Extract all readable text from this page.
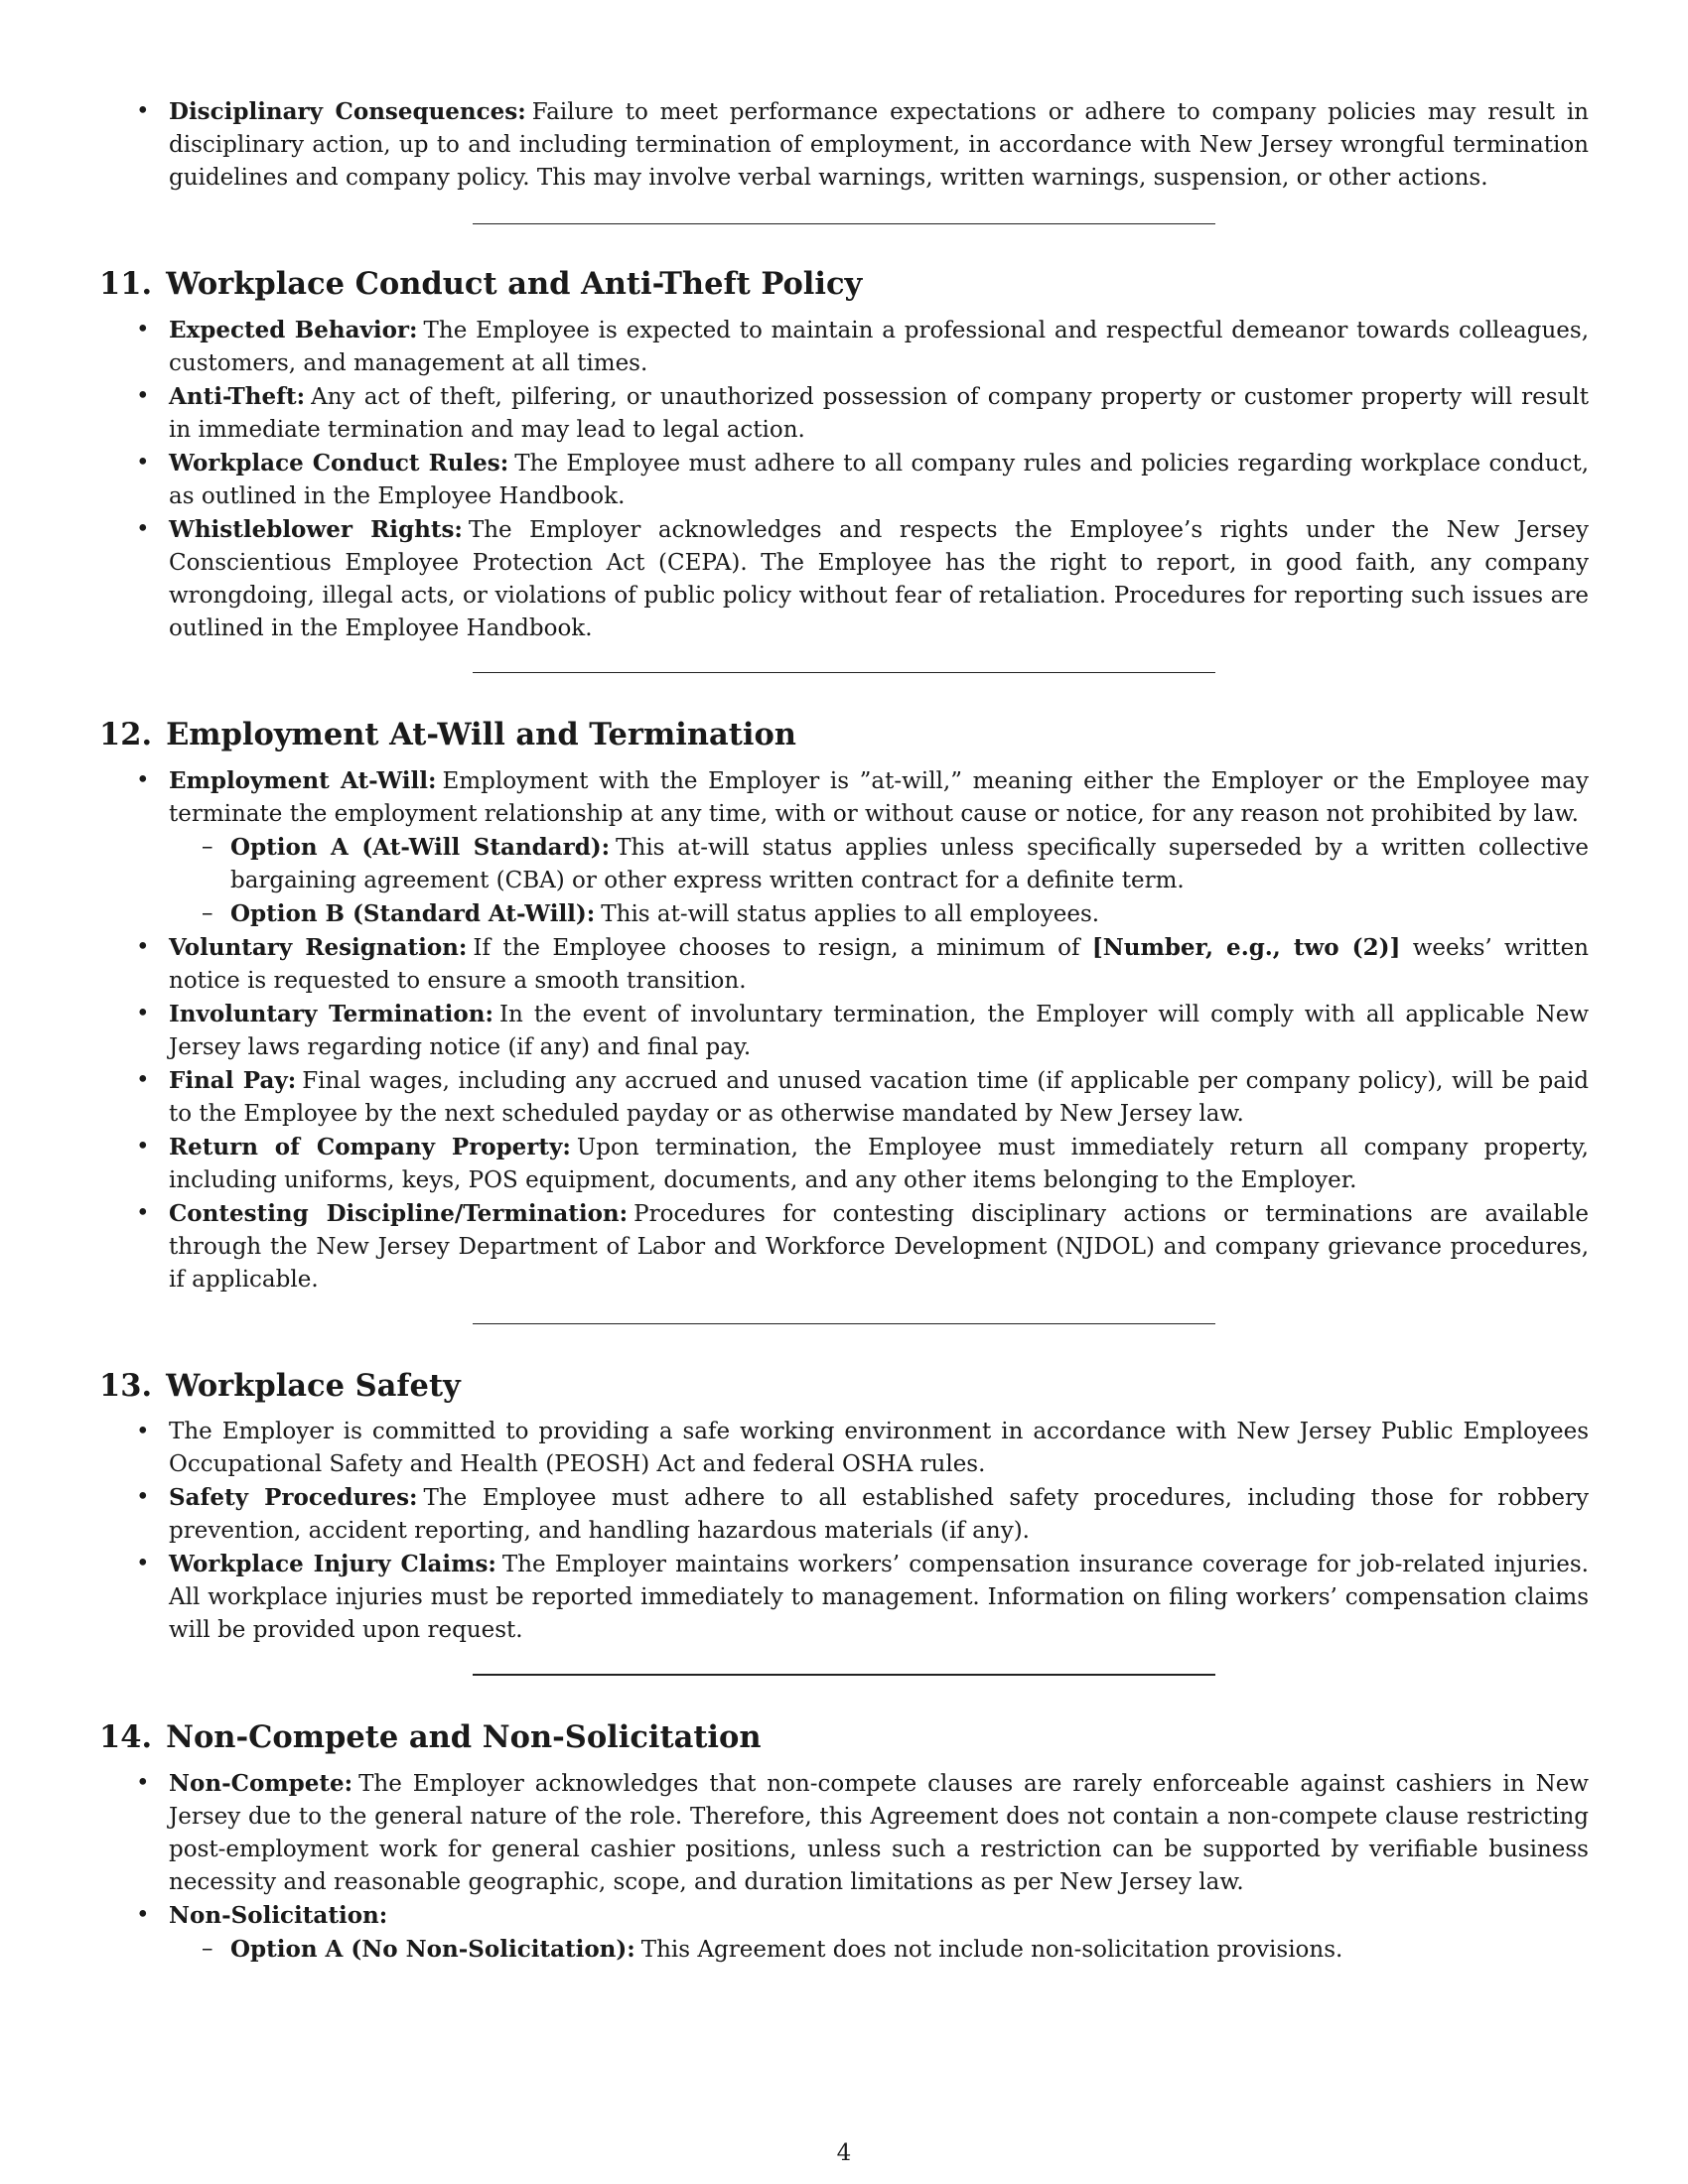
• Disciplinary Consequences: Failure to meet performance expectations or adhere to company policies may result in disciplinary action, up to and including termination of employment, in accordance with New Jersey wrongful termination guidelines and company policy. This may involve verbal warnings, written warnings, suspension, or other actions.
11. Workplace Conduct and Anti-Theft Policy
• Expected Behavior: The Employee is expected to maintain a professional and respectful demeanor towards colleagues, customers, and management at all times.
• Anti-Theft: Any act of theft, pilfering, or unauthorized possession of company property or customer property will result in immediate termination and may lead to legal action.
• Workplace Conduct Rules: The Employee must adhere to all company rules and policies regarding workplace conduct, as outlined in the Employee Handbook.
• Whistleblower Rights: The Employer acknowledges and respects the Employee’s rights under the New Jersey Conscientious Employee Protection Act (CEPA). The Employee has the right to report, in good faith, any company wrongdoing, illegal acts, or violations of public policy without fear of retaliation. Procedures for reporting such issues are outlined in the Employee Handbook.
12. Employment At-Will and Termination
• Employment At-Will: Employment with the Employer is ”at-will,” meaning either the Employer or the Employee may terminate the employment relationship at any time, with or without cause or notice, for any reason not prohibited by law.
– Option A (At-Will Standard): This at-will status applies unless specifically superseded by a written collective bargaining agreement (CBA) or other express written contract for a definite term.
– Option B (Standard At-Will): This at-will status applies to all employees.
• Voluntary Resignation: If the Employee chooses to resign, a minimum of [Number, e.g., two (2)] weeks’ written notice is requested to ensure a smooth transition.
• Involuntary Termination: In the event of involuntary termination, the Employer will comply with all applicable New Jersey laws regarding notice (if any) and final pay.
• Final Pay: Final wages, including any accrued and unused vacation time (if applicable per company policy), will be paid to the Employee by the next scheduled payday or as otherwise mandated by New Jersey law.
• Return of Company Property: Upon termination, the Employee must immediately return all company property, including uniforms, keys, POS equipment, documents, and any other items belonging to the Employer.
• Contesting Discipline/Termination: Procedures for contesting disciplinary actions or terminations are available through the New Jersey Department of Labor and Workforce Development (NJDOL) and company grievance procedures, if applicable.
13. Workplace Safety
• The Employer is committed to providing a safe working environment in accordance with New Jersey Public Employees Occupational Safety and Health (PEOSH) Act and federal OSHA rules.
• Safety Procedures: The Employee must adhere to all established safety procedures, including those for robbery prevention, accident reporting, and handling hazardous materials (if any).
• Workplace Injury Claims: The Employer maintains workers’ compensation insurance coverage for job-related injuries. All workplace injuries must be reported immediately to management. Information on filing workers’ compensation claims will be provided upon request.
14. Non-Compete and Non-Solicitation
• Non-Compete: The Employer acknowledges that non-compete clauses are rarely enforceable against cashiers in New Jersey due to the general nature of the role. Therefore, this Agreement does not contain a non-compete clause restricting post-employment work for general cashier positions, unless such a restriction can be supported by verifiable business necessity and reasonable geographic, scope, and duration limitations as per New Jersey law.
• Non-Solicitation:
– Option A (No Non-Solicitation): This Agreement does not include non-solicitation provisions.
4
